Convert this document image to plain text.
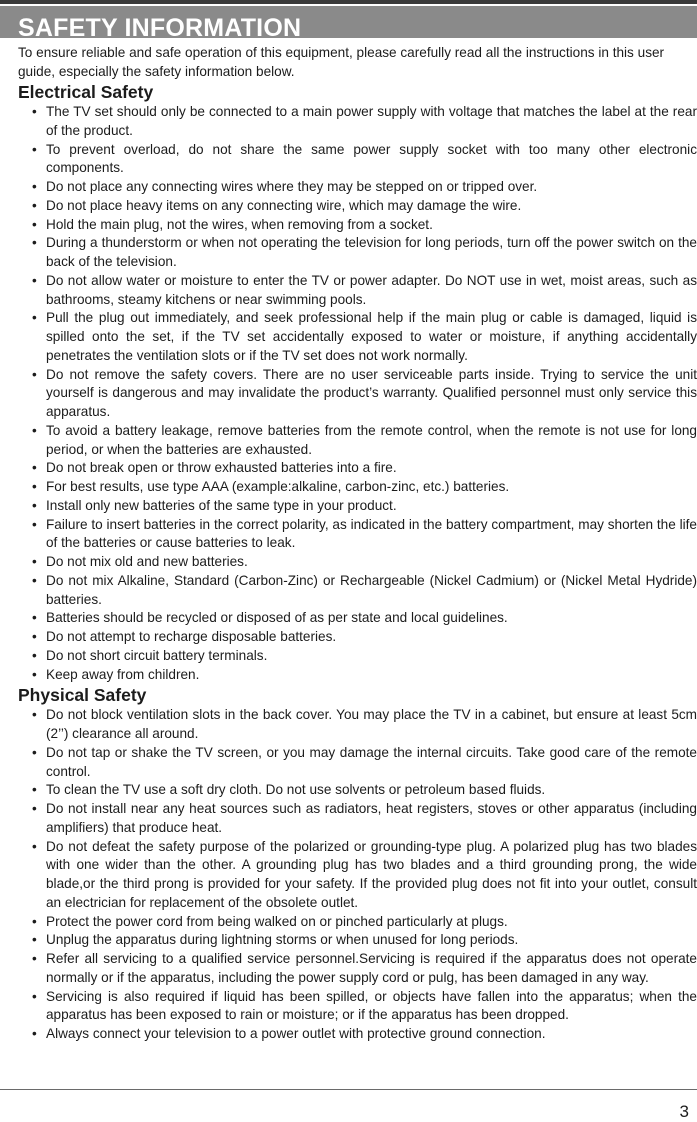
SAFETY INFORMATION

To ensure reliable and safe operation of this equipment, please carefully read all the instructions in this user guide, especially the safety information below.

Electrical Safety
• The TV set should only be connected to a main power supply with voltage that matches the label at the rear of the product.
• To prevent overload, do not share the same power supply socket with too many other electronic components.
• Do not place any connecting wires where they may be stepped on or tripped over.
• Do not place heavy items on any connecting wire, which may damage the wire.
• Hold the main plug, not the wires, when removing from a socket.
• During a thunderstorm or when not operating the television for long periods, turn off the power switch on the back of the television.
• Do not allow water or moisture to enter the TV or power adapter. Do NOT use in wet, moist areas, such as bathrooms, steamy kitchens or near swimming pools.
• Pull the plug out immediately, and seek professional help if the main plug or cable is damaged, liquid is spilled onto the set, if the TV set accidentally exposed to water or moisture, if anything accidentally penetrates the ventilation slots or if the TV set does not work normally.
• Do not remove the safety covers. There are no user serviceable parts inside. Trying to service the unit yourself is dangerous and may invalidate the product’s warranty. Qualified personnel must only service this apparatus.
• To avoid a battery leakage, remove batteries from the remote control, when the remote is not use for long period, or when the batteries are exhausted.
• Do not break open or throw exhausted batteries into a fire.
• For best results, use type AAA (example:alkaline, carbon-zinc, etc.) batteries.
• Install only new batteries of the same type in your product.
• Failure to insert batteries in the correct polarity, as indicated in the battery compartment, may shorten the life of the batteries or cause batteries to leak.
• Do not mix old and new batteries.
• Do not mix Alkaline, Standard (Carbon-Zinc) or Rechargeable (Nickel Cadmium) or (Nickel Metal Hydride) batteries.
• Batteries should be recycled or disposed of as per state and local guidelines.
• Do not attempt to recharge disposable batteries.
• Do not short circuit battery terminals.
• Keep away from children.
Physical Safety
• Do not block ventilation slots in the back cover. You may place the TV in a cabinet, but ensure at least 5cm (2’’) clearance all around.
• Do not tap or shake the TV screen, or you may damage the internal circuits. Take good care of the remote control.
• To clean the TV use a soft dry cloth. Do not use solvents or petroleum based fluids.
• Do not install near any heat sources such as radiators, heat registers, stoves or other apparatus (including amplifiers) that produce heat.
• Do not defeat the safety purpose of the polarized or grounding-type plug. A polarized plug has two blades with one wider than the other. A grounding plug has two blades and a third grounding prong, the wide blade,or the third prong is provided for your safety. If the provided plug does not fit into your outlet, consult an electrician for replacement of the obsolete outlet.
• Protect the power cord from being walked on or pinched particularly at plugs.
• Unplug the apparatus during lightning storms or when unused for long periods.
• Refer all servicing to a qualified service personnel.Servicing is required if the apparatus does not operate normally or if the apparatus, including the power supply cord or pulg, has been damaged in any way.
• Servicing is also required if liquid has been spilled, or objects have fallen into the apparatus; when the apparatus has been exposed to rain or moisture; or if the apparatus has been dropped.
• Always connect your television to a power outlet with protective ground connection.
3
